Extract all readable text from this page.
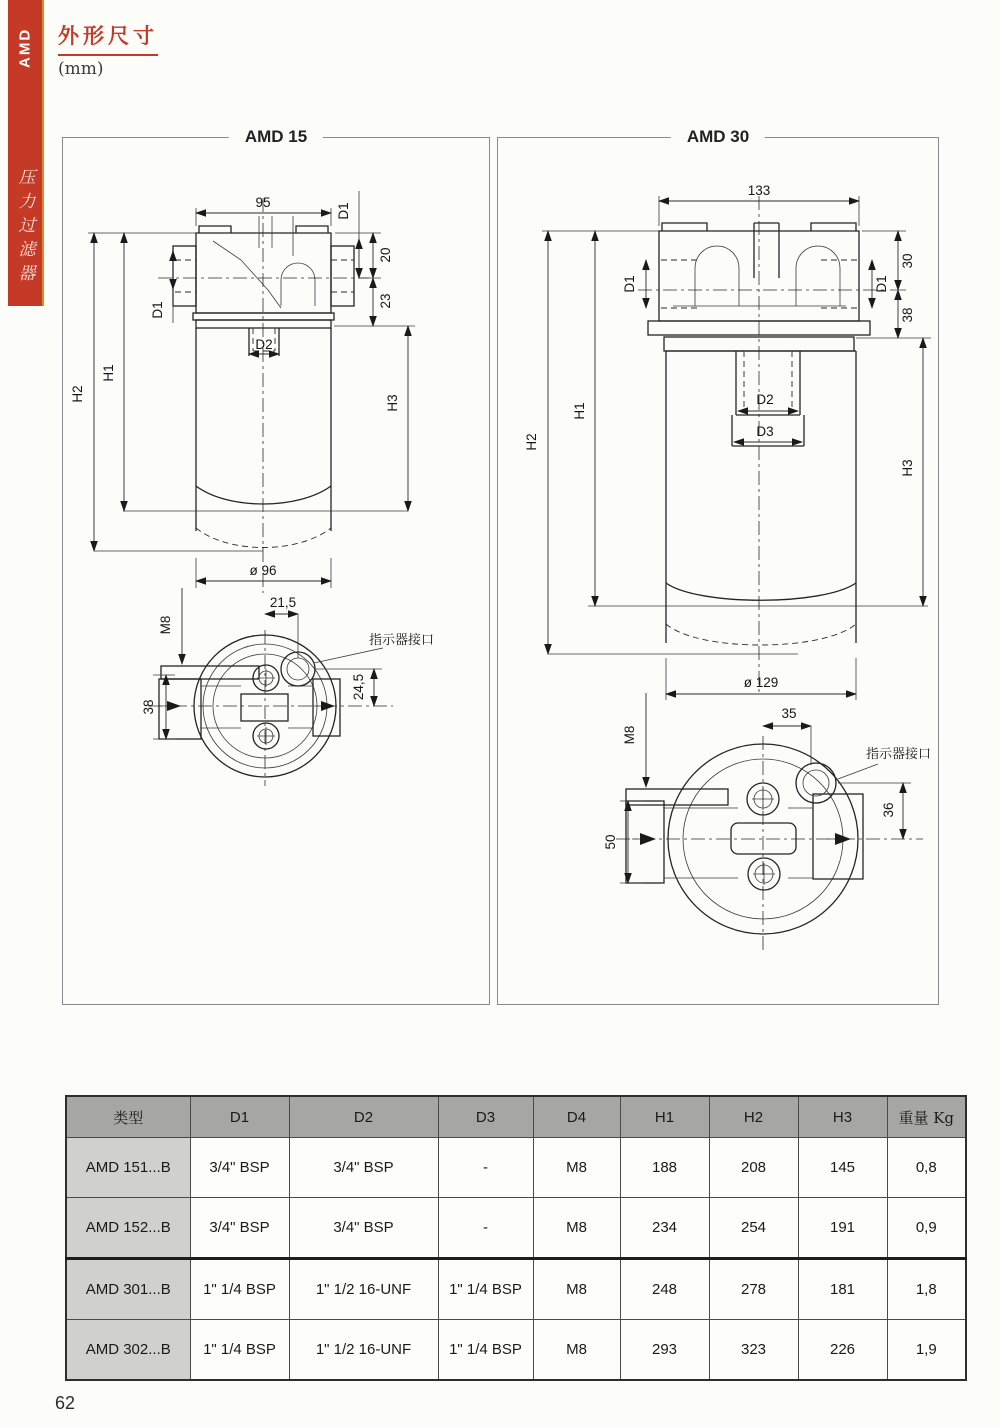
AMD
压力过滤器
外形尺寸
(mm)
AMD 15
H2
H1
H3
95
D2
ø 96
20
23
D1
D1
21,5
M8
38
24,5
指示器接口
AMD 30
H2
H1
H3
133
D1	D1
30
38
D2
D3
ø 129
35
M8
50
36
指示器接口
类型	D1	D2	D3	D4	H1	H2	H3	重量 Kg
AMD 151...B	3/4" BSP	3/4" BSP	-	M8	188	208	145	0,8
AMD 152...B	3/4" BSP	3/4" BSP	-	M8	234	254	191	0,9
AMD 301...B	1" 1/4 BSP	1" 1/2 16-UNF	1" 1/4 BSP	M8	248	278	181	1,8
AMD 302...B	1" 1/4 BSP	1" 1/2 16-UNF	1" 1/4 BSP	M8	293	323	226	1,9
62
